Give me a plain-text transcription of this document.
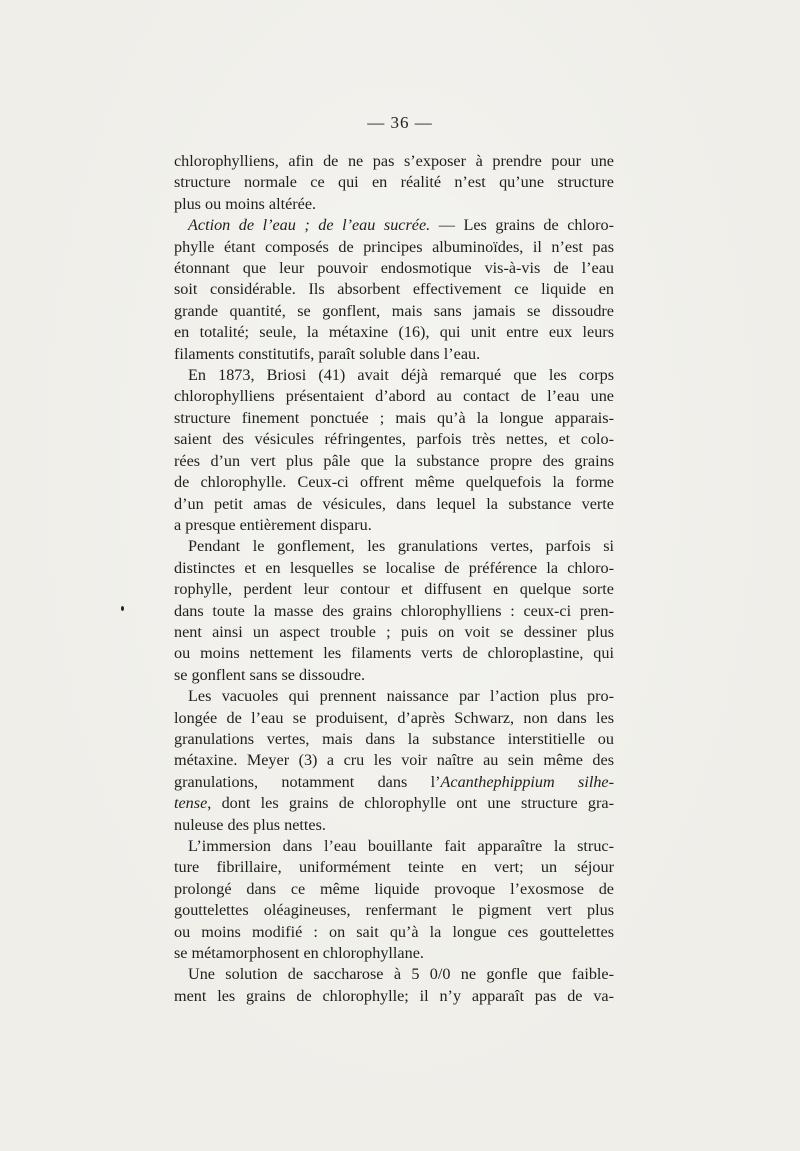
— 36 —
chlorophylliens, afin de ne pas s’exposer à prendre pour une
structure normale ce qui en réalité n’est qu’une structure
plus ou moins altérée.
Action de l’eau ; de l’eau sucrée. — Les grains de chloro-
phylle étant composés de principes albuminoïdes, il n’est pas
étonnant que leur pouvoir endosmotique vis-à-vis de l’eau
soit considérable. Ils absorbent effectivement ce liquide en
grande quantité, se gonflent, mais sans jamais se dissoudre
en totalité; seule, la métaxine (16), qui unit entre eux leurs
filaments constitutifs, paraît soluble dans l’eau.
En 1873, Briosi (41) avait déjà remarqué que les corps
chlorophylliens présentaient d’abord au contact de l’eau une
structure finement ponctuée ; mais qu’à la longue apparais-
saient des vésicules réfringentes, parfois très nettes, et colo-
rées d’un vert plus pâle que la substance propre des grains
de chlorophylle. Ceux-ci offrent même quelquefois la forme
d’un petit amas de vésicules, dans lequel la substance verte
a presque entièrement disparu.
Pendant le gonflement, les granulations vertes, parfois si
distinctes et en lesquelles se localise de préférence la chloro-
rophylle, perdent leur contour et diffusent en quelque sorte
dans toute la masse des grains chlorophylliens : ceux-ci pren-
nent ainsi un aspect trouble ; puis on voit se dessiner plus
ou moins nettement les filaments verts de chloroplastine, qui
se gonflent sans se dissoudre.
Les vacuoles qui prennent naissance par l’action plus pro-
longée de l’eau se produisent, d’après Schwarz, non dans les
granulations vertes, mais dans la substance interstitielle ou
métaxine. Meyer (3) a cru les voir naître au sein même des
granulations, notamment dans l’Acanthephippium silhe-
tense, dont les grains de chlorophylle ont une structure gra-
nuleuse des plus nettes.
L’immersion dans l’eau bouillante fait apparaître la struc-
ture fibrillaire, uniformément teinte en vert; un séjour
prolongé dans ce même liquide provoque l’exosmose de
gouttelettes oléagineuses, renfermant le pigment vert plus
ou moins modifié : on sait qu’à la longue ces gouttelettes
se métamorphosent en chlorophyllane.
Une solution de saccharose à 5 0/0 ne gonfle que faible-
ment les grains de chlorophylle; il n’y apparaît pas de va-
